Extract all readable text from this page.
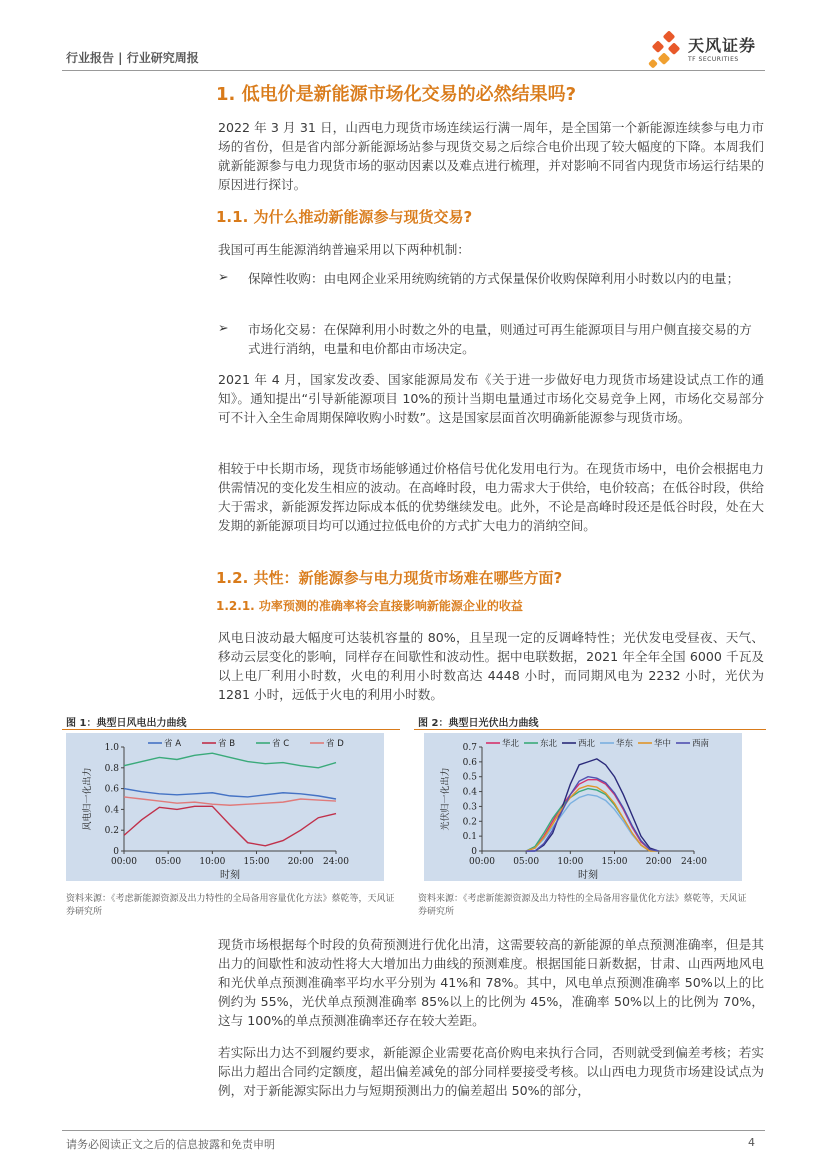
行业报告 | 行业研究周报
天风证券
TF SECURITIES
1. 低电价是新能源市场化交易的必然结果吗?
2022 年 3 月 31 日，山西电力现货市场连续运行满一周年，是全国第一个新能源连续参与电力市场的省份，但是省内部分新能源场站参与现货交易之后综合电价出现了较大幅度的下降。本周我们就新能源参与电力现货市场的驱动因素以及难点进行梳理，并对影响不同省内现货市场运行结果的原因进行探讨。
1.1. 为什么推动新能源参与现货交易?
我国可再生能源消纳普遍采用以下两种机制：
➢ 保障性收购：由电网企业采用统购统销的方式保量保价收购保障利用小时数以内的电量；
➢ 市场化交易：在保障利用小时数之外的电量，则通过可再生能源项目与用户侧直接交易的方式进行消纳，电量和电价都由市场决定。
2021 年 4 月，国家发改委、国家能源局发布《关于进一步做好电力现货市场建设试点工作的通知》。通知提出“引导新能源项目 10%的预计当期电量通过市场化交易竞争上网，市场化交易部分可不计入全生命周期保障收购小时数”。这是国家层面首次明确新能源参与现货市场。
相较于中长期市场，现货市场能够通过价格信号优化发用电行为。在现货市场中，电价会根据电力供需情况的变化发生相应的波动。在高峰时段，电力需求大于供给，电价较高；在低谷时段，供给大于需求，新能源发挥边际成本低的优势继续发电。此外，不论是高峰时段还是低谷时段，处在大发期的新能源项目均可以通过拉低电价的方式扩大电力的消纳空间。
1.2. 共性：新能源参与电力现货市场难在哪些方面?
1.2.1. 功率预测的准确率将会直接影响新能源企业的收益
风电日波动最大幅度可达装机容量的 80%，且呈现一定的反调峰特性；光伏发电受昼夜、天气、移动云层变化的影响，同样存在间歇性和波动性。据中电联数据，2021 年全年全国 6000 千瓦及以上电厂利用小时数，火电的利用小时数高达 4448 小时，而同期风电为 2232 小时，光伏为 1281 小时，远低于火电的利用小时数。
图 1：典型日风电出力曲线
0
0.2
0.4
0.6
0.8
1.0
00:00 05:00 10:00 15:00 20:00 24:00
时刻
风电归一化出力
省 A	省 B	省 C	省 D
资料来源：《考虑新能源资源及出力特性的全局备用容量优化方法》蔡乾等，天风证券研究所
图 2：典型日光伏出力曲线
0
0.1
0.2
0.3
0.4
0.5
0.6
0.7
00:00 05:00 10:00 15:00 20:00 24:00
时刻
光伏归一化出力
华北 东北 西北 华东 华中 西南
资料来源：《考虑新能源资源及出力特性的全局备用容量优化方法》蔡乾等，天风证券研究所
现货市场根据每个时段的负荷预测进行优化出清，这需要较高的新能源的单点预测准确率，但是其出力的间歇性和波动性将大大增加出力曲线的预测难度。根据国能日新数据，甘肃、山西两地风电和光伏单点预测准确率平均水平分别为 41%和 78%。其中，风电单点预测准确率 50%以上的比例约为 55%，光伏单点预测准确率 85%以上的比例为 45%，准确率 50%以上的比例为 70%，这与 100%的单点预测准确率还存在较大差距。
若实际出力达不到履约要求，新能源企业需要花高价购电来执行合同，否则就受到偏差考核；若实际出力超出合同约定额度，超出偏差减免的部分同样要接受考核。以山西电力现货市场建设试点为例，对于新能源实际出力与短期预测出力的偏差超出 50%的部分，
请务必阅读正文之后的信息披露和免责申明	4
